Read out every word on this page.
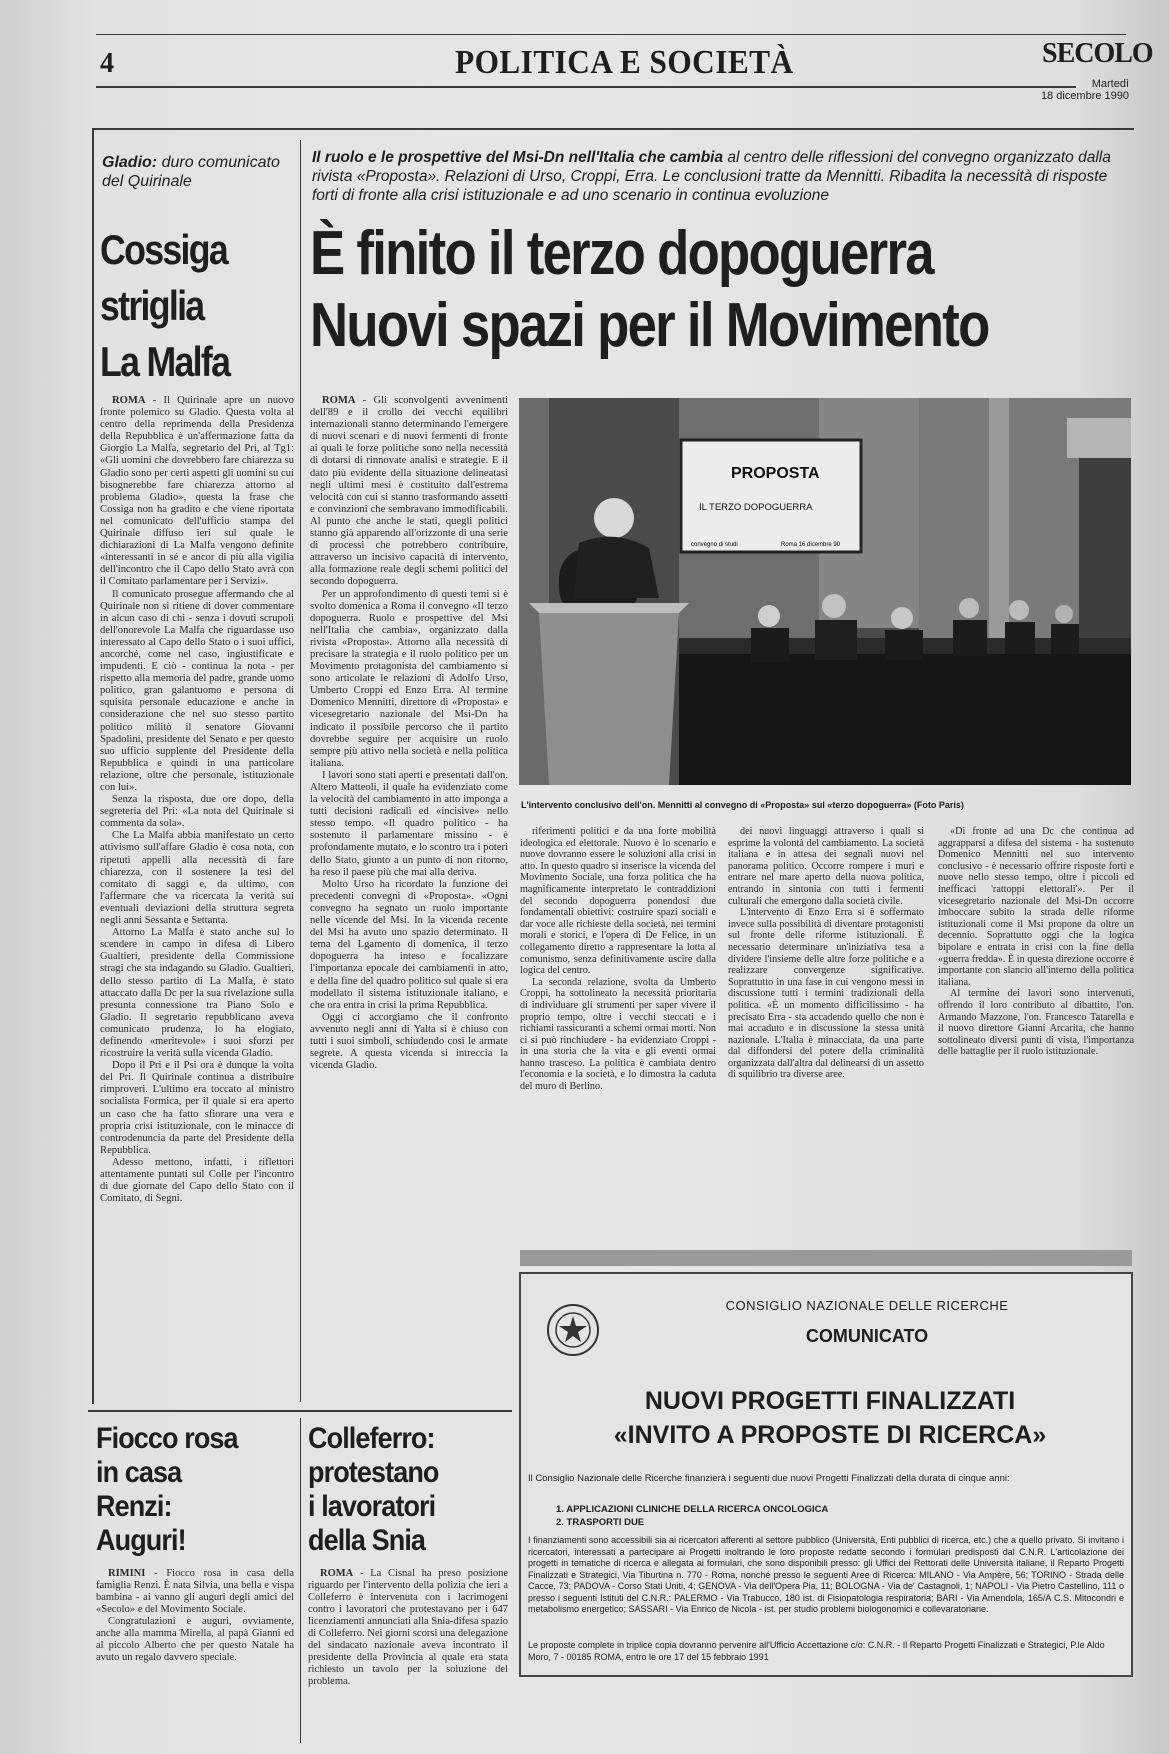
4	POLITICA E SOCIETÀ	SECOLO
Martedì
18 dicembre 1990
Gladio: duro comunicato del Quirinale
Cossiga
striglia
La Malfa

ROMA - Il Quirinale apre un nuovo fronte polemico su Gladio. Questa volta al centro della reprimenda della Presidenza della Repubblica è un'affermazione fatta da Giorgio La Malfa, segretario del Pri, al Tg1: «Gli uomini che dovrebbero fare chiarezza su Gladio sono per certi aspetti gli uomini su cui bisognerebbe fare chiarezza attorno al problema Gladio», questa la frase che Cossiga non ha gradito e che viene riportata nel comunicato dell'ufficio stampa del Quirinale diffuso ieri sul quale le dichiarazioni di La Malfa vengono definite «interessanti in sé e ancor di più alla vigilia dell'incontro che il Capo dello Stato avrà con il Comitato parlamentare per i Servizi».

Il comunicato prosegue affermando che al Quirinale non si ritiene di dover commentare in alcun caso di chi - senza i dovuti scrupoli dell'onorevole La Malfa che riguardasse uso interessato al Capo dello Stato o i suoi uffici, ancorché, come nel caso, ingiustificate e impudenti. E ciò - continua la nota - per rispetto alla memoria del padre, grande uomo politico, gran galantuomo e persona di squisita personale educazione e anche in considerazione che nel suo stesso partito politico militò il senatore Giovanni Spadolini, presidente del Senato e per questo suo ufficio supplente del Presidente della Repubblica e quindi in una particolare relazione, oltre che personale, istituzionale con lui».

Senza la risposta, due ore dopo, della segreteria del Pri: «La nota del Quirinale si commenta da sola».

Che La Malfa abbia manifestato un certo attivismo sull'affare Gladio è cosa nota, con ripetuti appelli alla necessità di fare chiarezza, con il sostenere la tesi del comitato di saggi e, da ultimo, con l'affermare che va ricercata la verità sui eventuali deviazioni della struttura segreta negli anni Sessanta e Settanta.

Attorno La Malfa è stato anche sul lo scendere in campo in difesa di Libero Gualtieri, presidente della Commissione stragi che sta indagando su Gladio. Gualtieri, dello stesso partito di La Malfa, è stato attaccato dalla Dc per la sua rivelazione sulla presunta connessione tra Piano Solo e Gladio. Il segretario repubblicano aveva comunicato prudenza, lo ha elogiato, definendo «meritevole» i suoi sforzi per ricostruire la verità sulla vicenda Gladio.

Dopo il Pri e il Psi ora è dunque la volta del Pri. Il Quirinale continua a distribuire rimproveri. L'ultimo era toccato al ministro socialista Formica, per il quale si era aperto un caso che ha fatto sfiorare una vera e propria crisi istituzionale, con le minacce di controdenuncia da parte del Presidente della Repubblica.

Adesso mettono, infatti, i riflettori attentamente puntati sul Colle per l'incontro di due giornate del Capo dello Stato con il Comitato, di Segni.

Il ruolo e le prospettive del Msi-Dn nell'Italia che cambia al centro delle riflessioni del convegno organizzato dalla rivista «Proposta». Relazioni di Urso, Croppi, Erra. Le conclusioni tratte da Mennitti. Ribadita la necessità di risposte forti di fronte alla crisi istituzionale e ad uno scenario in continua evoluzione
È finito il terzo dopoguerra
Nuovi spazi per il Movimento

ROMA - Gli sconvolgenti avvenimenti dell'89 e il crollo dei vecchi equilibri internazionali stanno determinando l'emergere di nuovi scenari e di nuovi fermenti di fronte ai quali le forze politiche sono nella necessità di dotarsi di rinnovate analisi e strategie. E il dato più evidente della situazione delineatasi negli ultimi mesi è costituito dall'estrema velocità con cui si stanno trasformando assetti e convinzioni che sembravano immodificabili. Al punto che anche le stati, quegli politici stanno già apparendo all'orizzonte di una serie di processi che potrebbero contribuire, attraverso un incisivo capacità di intervento, alla formazione reale degli schemi politici del secondo dopoguerra.

Per un approfondimento di questi temi si è svolto domenica a Roma il convegno «Il terzo dopoguerra. Ruolo e prospettive del Msi nell'Italia che cambia», organizzato dalla rivista «Proposta». Attorno alla necessità di precisare la strategia e il ruolo politico per un Movimento protagonista del cambiamento si sono articolate le relazioni di Adolfo Urso, Umberto Croppi ed Enzo Erra. Al termine Domenico Mennitti, direttore di «Proposta» e vicesegretario nazionale del Msi-Dn ha indicato il possibile percorso che il partito dovrebbe seguire per acquisire un ruolo sempre più attivo nella società e nella politica italiana.

I lavori sono stati aperti e presentati dall'on. Altero Matteoli, il quale ha evidenziato come la velocità del cambiamento in atto imponga a tutti decisioni radicali ed «incisive» nello stesso tempo. «Il quadro politico - ha sostenuto il parlamentare missino - è profondamente mutato, e lo scontro tra i poteri dello Stato, giunto a un punto di non ritorno, ha reso il paese più che mai alla deriva.

Molto Urso ha ricordato la funzione dei precedenti convegni di «Proposta». «Ogni convegno ha segnato un ruolo importante nelle vicende del Msi. In la vicenda recente del Msi ha avuto uno spazio determinato. Il tema del Lgamento di domenica, il terzo dopoguerra ha inteso e focalizzare l'importanza epocale dei cambiamenti in atto, e della fine del quadro politico sul quale si era modellato il sistema istituzionale italiano, e che ora entra in crisi la prima Repubblica.

Oggi ci accorgiamo che il confronto avvenuto negli anni di Yalta si è chiuso con tutti i suoi simboli, schiudendo così le armate segrete. A questa vicenda si intreccia la vicenda Gladio.

PROPOSTA
IL TERZO DOPOGUERRA
convegno di studi	Roma 16 dicembre 90
L'intervento conclusivo dell'on. Mennitti al convegno di «Proposta» sul «terzo dopoguerra» (Foto Paris)

riferimenti politici e da una forte mobilità ideologica ed elettorale. Nuovo è lo scenario e nuove dovranno essere le soluzioni alla crisi in atto. In questo quadro si inserisce la vicenda del Movimento Sociale, una forza politica che ha magnificamente interpretato le contraddizioni del secondo dopoguerra ponendosi due fondamentali obiettivi: costruire spazi sociali e dar voce alle richieste della società, nei termini morali e storici, e l'opera di De Felice, in un collegamento diretto a rappresentare la lotta al comunismo, senza definitivamente uscire dalla logica del centro.

La seconda relazione, svolta da Umberto Croppi, ha sottolineato la necessità prioritaria di individuare gli strumenti per saper vivere il proprio tempo, oltre i vecchi steccati e i richiami rassicuranti a schemi ormai morti. Non ci si può rinchiudere - ha evidenziato Croppi - in una storia che la vita e gli eventi ormai hanno trasceso. La politica è cambiata dentro l'economia e la società, e lo dimostra la caduta del muro di Berlino.

dei nuovi linguaggi attraverso i quali si esprime la volontà del cambiamento. La società italiana e in attesa dei segnali nuovi nel panorama politico. Occorre rompere i muri e entrare nel mare aperto della nuova politica, entrando in sintonia con tutti i fermenti culturali che emergono dalla società civile.

L'intervento di Enzo Erra si è soffermato invece sulla possibilità di diventare protagonisti sul fronte delle riforme istituzionali. È necessario determinare un'iniziativa tesa a dividere l'insieme delle altre forze politiche e a realizzare convergenze significative. Soprattutto in una fase in cui vengono messi in discussione tutti i termini tradizionali della politica. «È un momento difficilissimo - ha precisato Erra - sta accadendo quello che non è mai accaduto e in discussione la stessa unità nazionale. L'Italia è minacciata, da una parte dal diffondersi del potere della criminalità organizzata dall'altra dal delinearsi di un assetto di squilibrio tra diverse aree.

«Di fronte ad una Dc che continua ad aggrapparsi a difesa del sistema - ha sostenuto Domenico Mennitti nel suo intervento conclusivo - è necessario offrire risposte forti e nuove nello stesso tempo, oltre i piccoli ed inefficaci 'rattoppi elettorali'». Per il vicesegretario nazionale del Msi-Dn occorre imboccare subito la strada delle riforme istituzionali come il Msi propone da oltre un decennio. Soprattutto oggi che la logica bipolare e entrata in crisi con la fine della «guerra fredda». È in questa direzione occorre è importante con slancio all'interno della politica italiana.

Al termine dei lavori sono intervenuti, offrendo il loro contributo al dibattito, l'on. Armando Mazzone, l'on. Francesco Tatarella e il nuovo direttore Gianni Arcarita, che hanno sottolineato diversi punti di vista, l'importanza delle battaglie per il ruolo istituzionale.

CONSIGLIO NAZIONALE DELLE RICERCHE
COMUNICATO
NUOVI PROGETTI FINALIZZATI
«INVITO A PROPOSTE DI RICERCA»
Il Consiglio Nazionale delle Ricerche finanzierà i seguenti due nuovi Progetti Finalizzati della durata di cinque anni:
1. APPLICAZIONI CLINICHE DELLA RICERCA ONCOLOGICA
2. TRASPORTI DUE
I finanziamenti sono accessibili sia ai ricercatori afferenti al settore pubblico (Università, Enti pubblici di ricerca, etc.) che a quello privato. Si invitano i ricercatori, interessati a partecipare ai Progetti inoltrando le loro proposte redatte secondo i formulari predisposti dal C.N.R. L'articolazione dei progetti in tematiche di ricerca e allegata ai formulari, che sono disponibili presso: gli Uffici dei Rettorati delle Università italiane, il Reparto Progetti Finalizzati e Strategici, Via Tiburtina n. 770 - Roma, nonché presso le seguenti Aree di Ricerca: MILANO - Via Ampère, 56; TORINO - Strada delle Cacce, 73; PADOVA - Corso Stati Uniti, 4; GENOVA - Via dell'Opera Pia, 11; BOLOGNA - Via de' Castagnoli, 1; NAPOLI - Via Pietro Castellino, 111 o presso i seguenti Istituti del C.N.R.: PALERMO - Via Trabucco, 180 ist. di Fisiopatologia respiratoria; BARI - Via Amendola, 165/A C.S. Mitocondri e metabolismo energetico; SASSARI - Via Enrico de Nicola - ist. per studio problemi biologonomici e collevaratoriane.
Le proposte complete in triplice copia dovranno pervenire all'Ufficio Accettazione c/o: C.N.R. - Il Reparto Progetti Finalizzati e Strategici, P.le Aldo Moro, 7 - 00185 ROMA, entro le ore 17 del 15 febbraio 1991
Fiocco rosa
in casa
Renzi:
Auguri!

RIMINI - Fiocco rosa in casa della famiglia Renzi. È nata Silvia, una bella e vispa bambina - ai vanno gli auguri degli amici del «Secolo» e del Movimento Sociale.

Congratulazioni e auguri, ovviamente, anche alla mamma Mirella, al papà Gianni ed al piccolo Alberto che per questo Natale ha avuto un regalo davvero speciale.

Colleferro:
protestano
i lavoratori
della Snia

ROMA - La Cisnal ha preso posizione riguardo per l'intervento della polizia che ieri a Colleferro è intervenuta con i lacrimogeni contro i lavoratori che protestavano per i 647 licenziamenti annunciati alla Snia-difesa spazio di Colleferro. Nei giorni scorsi una delegazione del sindacato nazionale aveva incontrato il presidente della Provincia al quale era stata richiesto un tavolo per la soluzione del problema.
